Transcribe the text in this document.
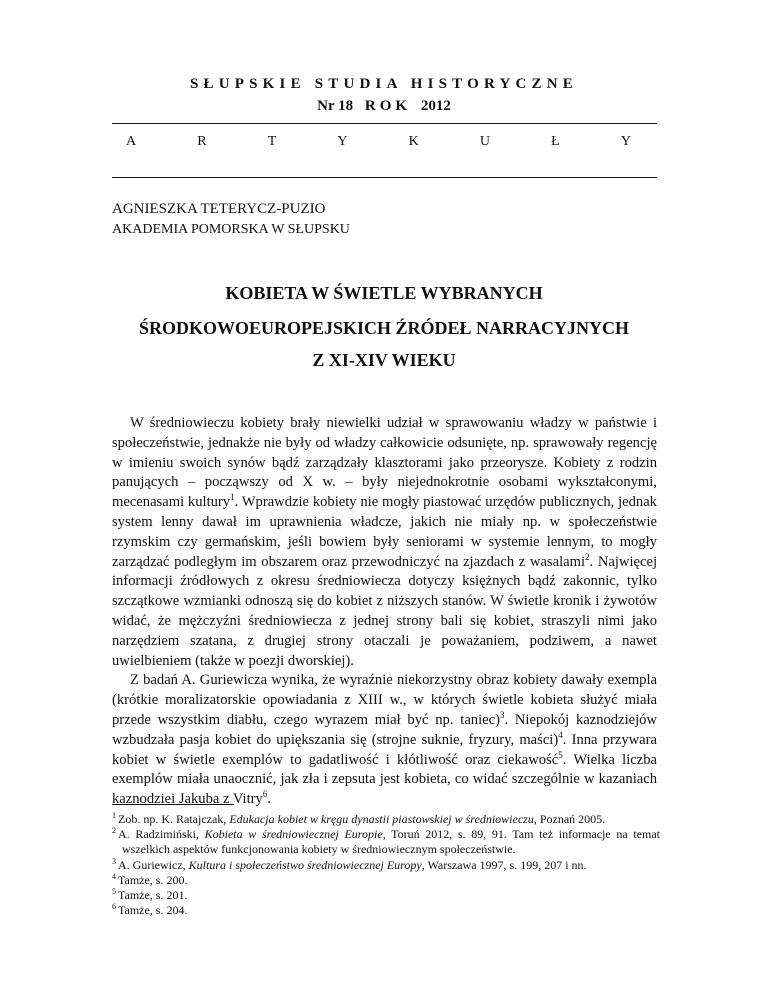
SŁUPSKIE STUDIA HISTORYCZNE
Nr 18 ROK 2012
A	R	T	Y	K	U	Ł	Y
AGNIESZKA TETERYCZ-PUZIO
AKADEMIA POMORSKA W SŁUPSKU
KOBIETA W ŚWIETLE WYBRANYCH
ŚRODKOWOEUROPEJSKICH ŹRÓDEŁ NARRACYJNYCH
Z XI-XIV WIEKU

W średniowieczu kobiety brały niewielki udział w sprawowaniu władzy w państwie i społeczeństwie, jednakże nie były od władzy całkowicie odsunięte, np. sprawowały regencję w imieniu swoich synów bądź zarządzały klasztorami jako przeorysze. Kobiety z rodzin panujących – począwszy od X w. – były niejednokrotnie osobami wykształconymi, mecenasami kultury$^1$. Wprawdzie kobiety nie mogły piastować urzędów publicznych, jednak system lenny dawał im uprawnienia władcze, jakich nie miały np. w społeczeństwie rzymskim czy germańskim, jeśli bowiem były seniorami w systemie lennym, to mogły zarządzać podległym im obszarem oraz przewodniczyć na zjazdach z wasalami$^2$. Najwięcej informacji źródłowych z okresu średniowiecza dotyczy księżnych bądź zakonnic, tylko szczątkowe wzmianki odnoszą się do kobiet z niższych stanów. W świetle kronik i żywotów widać, że mężczyźni średniowiecza z jednej strony bali się kobiet, straszyli nimi jako narzędziem szatana, z drugiej strony otaczali je poważaniem, podziwem, a nawet uwielbieniem (także w poezji dworskiej).

Z badań A. Guriewicza wynika, że wyraźnie niekorzystny obraz kobiety dawały exempla (krótkie moralizatorskie opowiadania z XIII w., w których świetle kobieta służyć miała przede wszystkim diabłu, czego wyrazem miał być np. taniec)$^3$. Niepokój kaznodziejów wzbudzała pasja kobiet do upiększania się (strojne suknie, fryzury, maści)$^4$. Inna przywara kobiet w świetle exemplów to gadatliwość i kłótliwość oraz ciekawość$^5$. Wielka liczba exemplów miała unaocznić, jak zła i zepsuta jest kobieta, co widać szczególnie w kazaniach kaznodziei Jakuba z Vitry$^6$.

$^1$ Zob. np. K. Ratajczak, Edukacja kobiet w kręgu dynastii piastowskiej w średniowieczu, Poznań 2005.

$^2$ A. Radzimiński, Kobieta w średniowiecznej Europie, Toruń 2012, s. 89, 91. Tam też informacje na temat wszelkich aspektów funkcjonowania kobiety w średniowiecznym społeczeństwie.

$^3$ A. Guriewicz, Kultura i społeczeństwo średniowiecznej Europy, Warszawa 1997, s. 199, 207 i nn.

$^4$ Tamże, s. 200.

$^5$ Tamże, s. 201.

$^6$ Tamże, s. 204.
